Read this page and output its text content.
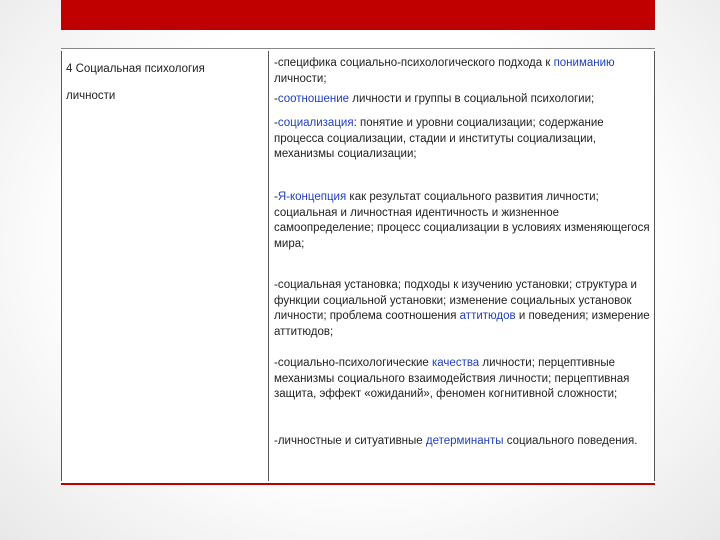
4 Социальная психология
личности

-специфика социально-психологического подхода к пониманию личности;

-соотношение личности и группы в социальной психологии;

-социализация: понятие и уровни социализации; содержание процесса социализации, стадии и институты социализации, механизмы социализации;

-Я-концепция как результат социального развития личности; социальная и личностная идентичность и жизненное самоопределение; процесс социализации в условиях изменяющегося мира;

-социальная установка; подходы к изучению установки; структура и функции социальной установки; изменение социальных установок личности; проблема соотношения аттитюдов и поведения; измерение аттитюдов;

-социально-психологические качества личности; перцептивные механизмы социального взаимодействия личности; перцептивная защита, эффект «ожиданий», феномен когнитивной сложности;

-личностные и ситуативные детерминанты социального поведения.
